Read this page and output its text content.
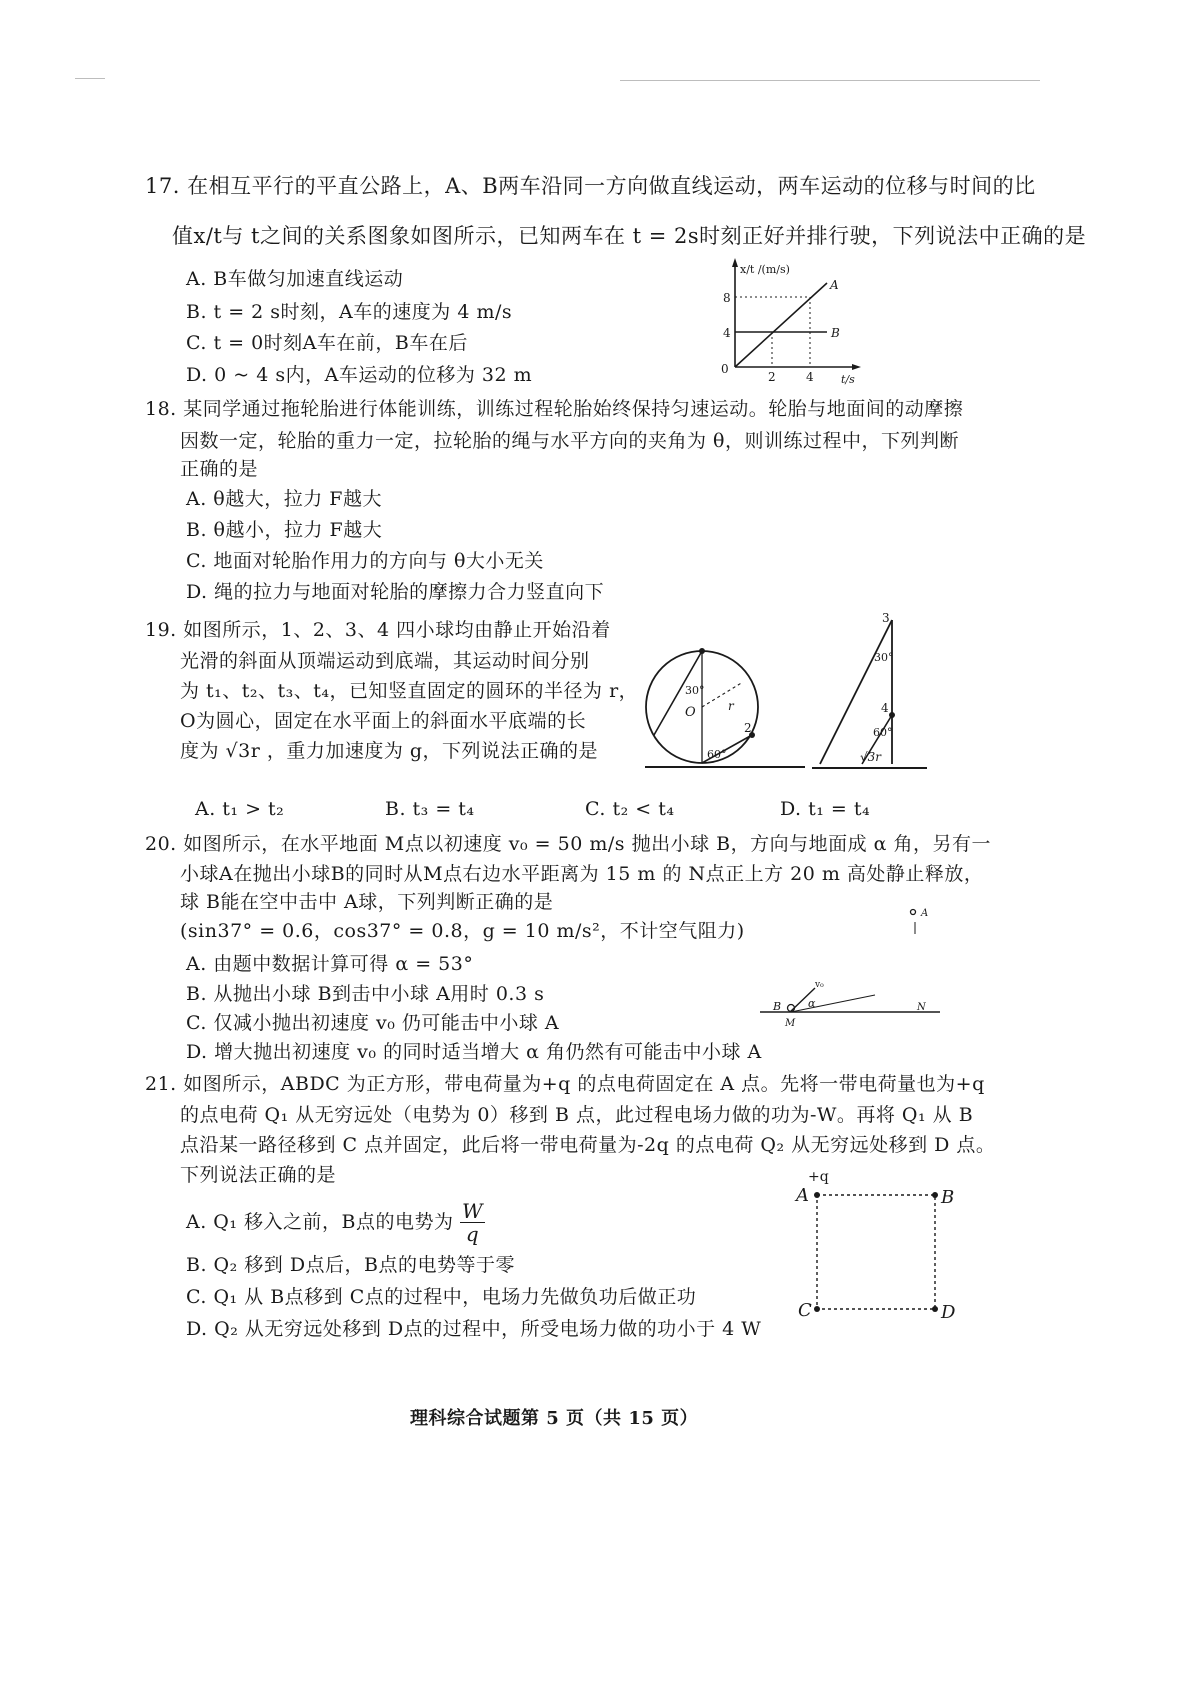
17. 在相互平行的平直公路上，A、B两车沿同一方向做直线运动，两车运动的位移与时间的比
值x/t与 t之间的关系图象如图所示，已知两车在 t = 2s时刻正好并排行驶，下列说法中正确的是
A. B车做匀加速直线运动
B. t = 2 s时刻，A车的速度为 4 m/s
C. t = 0时刻A车在前，B车在后
D. 0 ~ 4 s内，A车运动的位移为 32 m
x/t /(m/s)
8
4
0
2	4 t/s
A
B
18. 某同学通过拖轮胎进行体能训练，训练过程轮胎始终保持匀速运动。轮胎与地面间的动摩擦
因数一定，轮胎的重力一定，拉轮胎的绳与水平方向的夹角为 θ，则训练过程中，下列判断
正确的是
A. θ越大，拉力 F越大
B. θ越小，拉力 F越大
C. 地面对轮胎作用力的方向与 θ大小无关
D. 绳的拉力与地面对轮胎的摩擦力合力竖直向下
19. 如图所示，1、2、3、4 四小球均由静止开始沿着
光滑的斜面从顶端运动到底端，其运动时间分别
为 t₁、t₂、t₃、t₄，已知竖直固定的圆环的半径为 r，
O为圆心，固定在水平面上的斜面水平底端的长
度为 √3r ，重力加速度为 g，下列说法正确的是
30°
O	r
2
60°
3
30°
4
60°
√3r
A. t₁ > t₂	B. t₃ = t₄	C. t₂ < t₄	D. t₁ = t₄
20. 如图所示，在水平地面 M点以初速度 v₀ = 50 m/s 抛出小球 B，方向与地面成 α 角，另有一
小球A在抛出小球B的同时从M点右边水平距离为 15 m 的 N点正上方 20 m 高处静止释放，
球 B能在空中击中 A球，下列判断正确的是
(sin37° = 0.6，cos37° = 0.8，g = 10 m/s²，不计空气阻力)
A. 由题中数据计算可得 α = 53°
B. 从抛出小球 B到击中小球 A用时 0.3 s
C. 仅减小抛出初速度 v₀ 仍可能击中小球 A
D. 增大抛出初速度 v₀ 的同时适当增大 α 角仍然有可能击中小球 A
A
B
v₀
α
M
N
21. 如图所示，ABDC 为正方形，带电荷量为+q 的点电荷固定在 A 点。先将一带电荷量也为+q
的点电荷 Q₁ 从无穷远处（电势为 0）移到 B 点，此过程电场力做的功为-W。再将 Q₁ 从 B
点沿某一路径移到 C 点并固定，此后将一带电荷量为-2q 的点电荷 Q₂ 从无穷远处移到 D 点。
下列说法正确的是
A. Q₁ 移入之前，B点的电势为 $\frac{W}{q}$
B. Q₂ 移到 D点后，B点的电势等于零
C. Q₁ 从 B点移到 C点的过程中，电场力先做负功后做正功
D. Q₂ 从无穷远处移到 D点的过程中，所受电场力做的功小于 4 W
+q
A	B
C	D
理科综合试题第 5 页（共 15 页）
